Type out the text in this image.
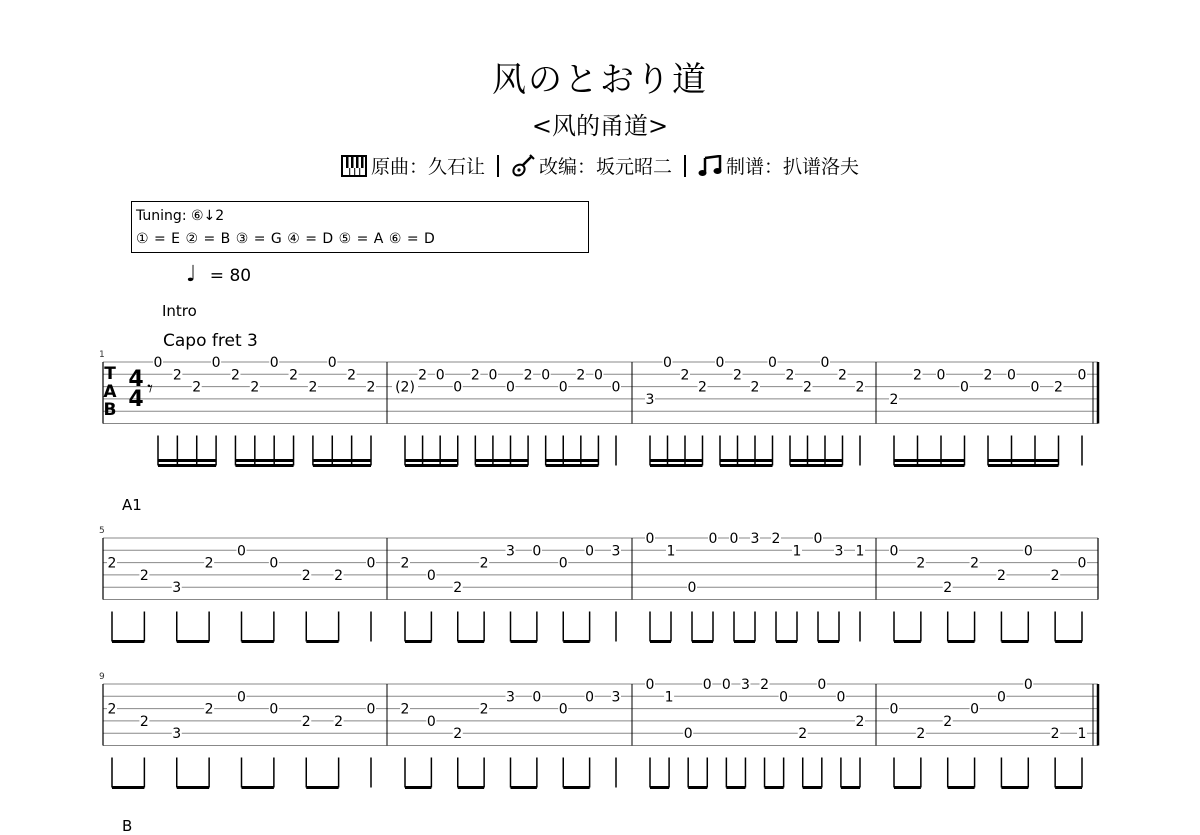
风のとおり道
<风的甬道>
原曲：久石让	改编：坂元昭二	制谱：扒谱洛夫
Tuning: ⑥↓2
① = E ② = B ③ = G ④ = D ⑤ = A ⑥ = D
♩ = 80
Intro
Capo fret 3
A1
B
1
T
A
B
4
4 𝄾
0
2
2
0
2
2
0
2
2
0
2
2 (2)
2 0
0
2 0
0
2 0
0
2 0
0
3
0
2
2
0
2
2
0
2
2
0
2
2
2
2 0
0
2 0
0 2
0
5
2
2
3
2
0
0
2 2
0 2
0
2
2
3 0
0
0 3
0
1
0
0 0 3 2
1
0
3 1 0
2
2
2
2
0
2
0
9
2
2
3
2
0
0
2 2
0 2
0
2
2
3 0
0
0 3
0
1
0
0 0 3 2
0
2
0
0
2
0
2
2
0
0
0
2 1
